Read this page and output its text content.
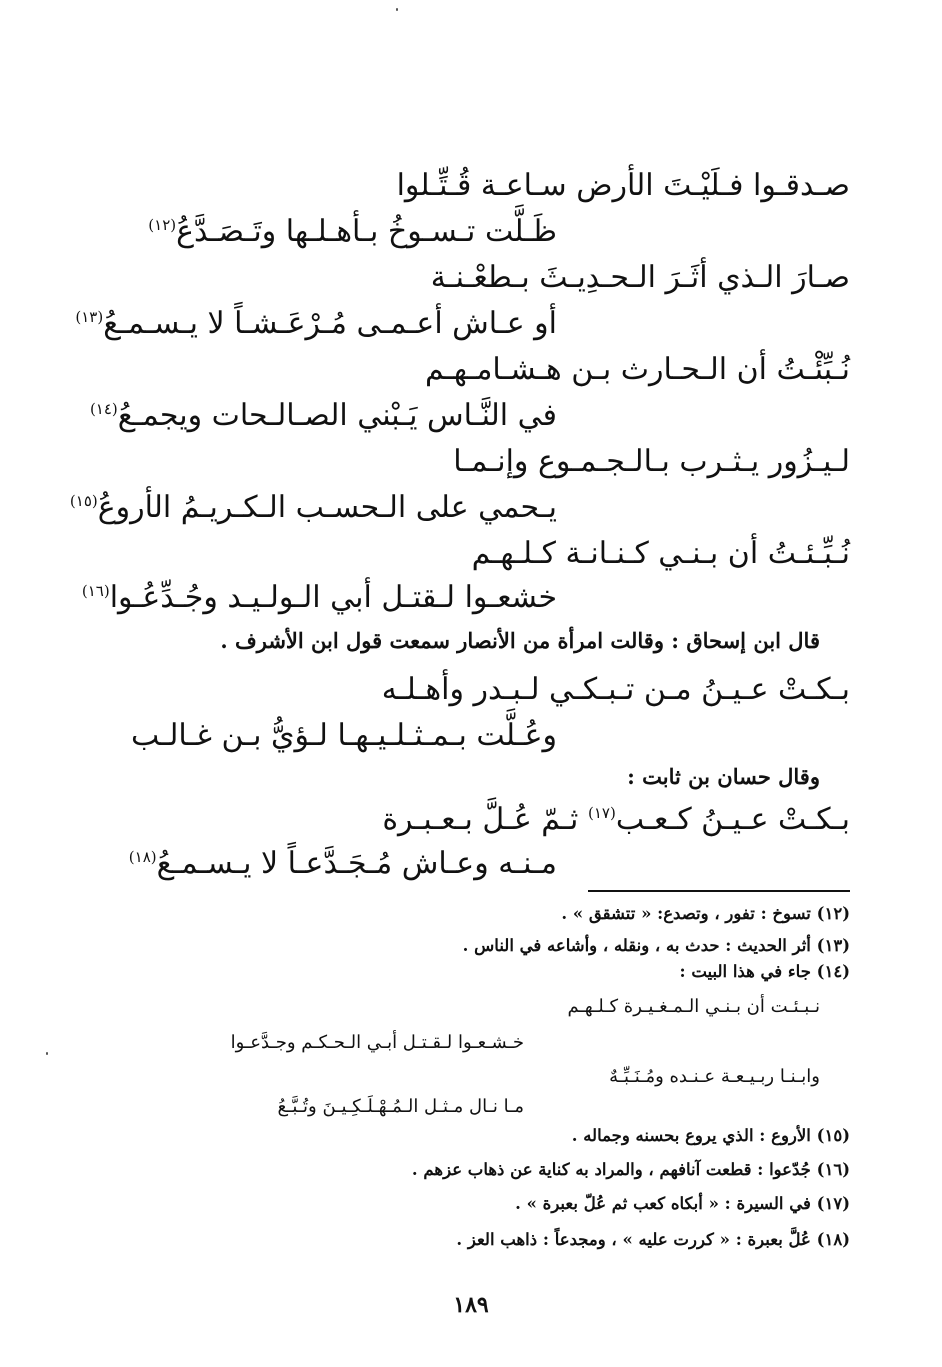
صـدقـوا فـلَيْـتَ الأرض سـاعـة قُـتِّـلوا
ظَـلَّت تـسـوخُ بـأهـلـها وتَـصَـدَّعُ$^{(١٢)}$
صـارَ الـذي أثَـرَ الـحـدِيـثَ بـطعْـنـة
أو عـاش أعـمـى مُـرْعَـشـاً لا يـسـمـعُ$^{(١٣)}$
نُـبِّئْـتُ أن الـحـارث بـن هـشـامـهـم
في النَّـاس يَـبْني الصـالـحات ويجمـعُ$^{(١٤)}$
لـيـزُور يـثـرب بـالـجـمـوع وإنـمـا
يـحمي على الـحسـب الـكـريـمُ الأروعُ$^{(١٥)}$
نُـبِّـئـتُ أن بـنـي كـنـانـة كـلـهـم
خشعـوا لـقتـل أبي الـولـيـد وجُـدِّعُـوا$^{(١٦)}$
قال ابن إسحاق : وقالت امرأة من الأنصار سمعت قول ابن الأشرف .
بـكـتْ عـيـنُ مـن تـبـكـي لـبـدر وأهـلـه
وعُـلَّت بـمـثـلـيـهـا لـؤيُّ بـن غـالـب
وقال حسان بن ثابت :
بـكـتْ عـيـنُ كـعـب$^{(١٧)}$ ثـمّ عُـلَّ بـعـبـرة
مـنـه وعـاش مُـجَـدَّعـاً لا يـسـمـعُ$^{(١٨)}$
(١٢) تسوخ : تفور ، وتصدع: « تتشقق » .
(١٣) أثر الحديث : حدث به ، ونقله ، وأشاعه في الناس .
(١٤) جاء في هذا البيت :
نـبـئـت أن بـنـي الـمـغـيـرة كـلـهـم
خـشـعـوا لـقـتـل أبـي الـحـكـم وجـدَّعـوا
وابـنـا ربـيـعـة عـنـده ومُـنَـبِّـهٌ
مـا نـال مـثـل الـمُـهْـلَـكِـيـنَ وتُـبَّـعُ
(١٥) الأروع : الذي يروع بحسنه وجماله .
(١٦) جُدّعوا : قطعت آنافهم ، والمراد به كناية عن ذهاب عزهم .
(١٧) في السيرة : « أبكاه كعب ثم عُلّ بعبرة » .
(١٨) عُلَّ بعبرة : « كررت عليه » ، ومجدعاً : ذاهب العز .
١٨٩
